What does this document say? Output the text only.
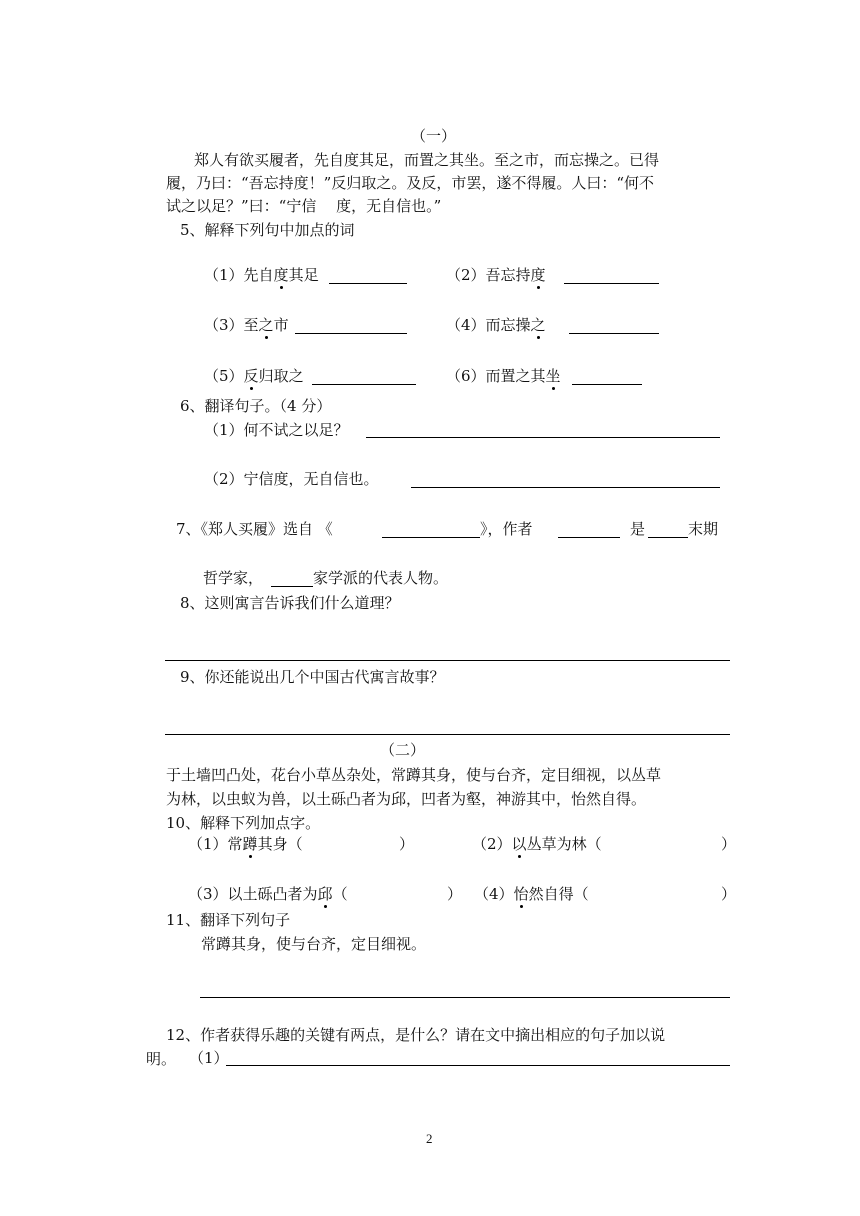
（一）
郑人有欲买履者，先自度其足，而置之其坐。至之市，而忘操之。已得
履，乃曰：“吾忘持度！”反归取之。及反，市罢，遂不得履。人曰：“何不
试之以足？”曰：“宁信　 度，无自信也。”
5、解释下列句中加点的词
（1）先自度其足	（2）吾忘持度
（3）至之市	（4）而忘操之
（5）反归取之	（6）而置之其坐
6、翻译句子。（4 分）
（1）何不试之以足？
（2）宁信度，无自信也。
7、《郑人买履》选自 《	》，作者	是	末期
哲学家，	家学派的代表人物。
8、这则寓言告诉我们什么道理？
9、你还能说出几个中国古代寓言故事？
（二）
于土墙凹凸处，花台小草丛杂处，常蹲其身，使与台齐，定目细视，以丛草
为林，以虫蚁为兽，以土砾凸者为邱，凹者为壑，神游其中，怡然自得。
10、解释下列加点字。
（1）常蹲其身（	）	（2）以丛草为林（	）
（3）以土砾凸者为邱（	） （4）怡然自得（	）
11、翻译下列句子
常蹲其身，使与台齐，定目细视。
12、作者获得乐趣的关键有两点，是什么？请在文中摘出相应的句子加以说
明。 （1）
2
